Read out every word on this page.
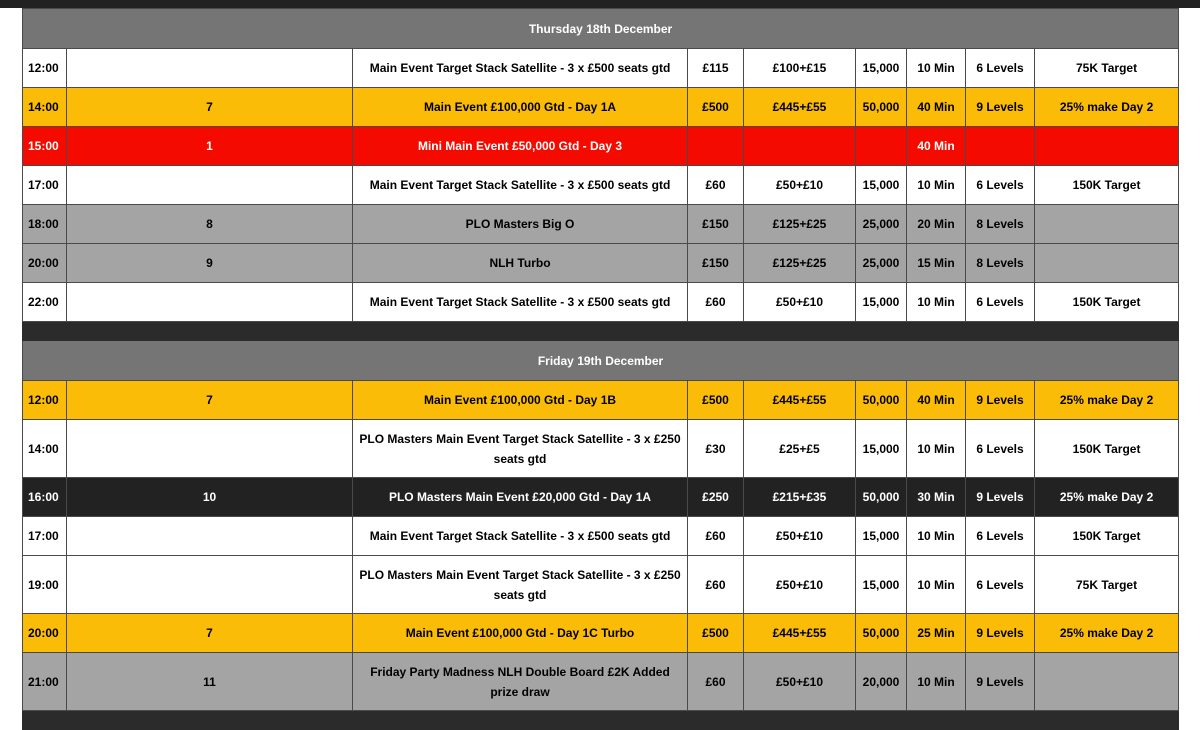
Thursday 18th December								
12:00		Main Event Target Stack Satellite - 3 x £500 seats gtd	£115	£100+£15	15,000	10 Min	6 Levels	75K Target
14:00	7	Main Event £100,000 Gtd - Day 1A	£500	£445+£55	50,000	40 Min	9 Levels	25% make Day 2
15:00	1	Mini Main Event £50,000 Gtd - Day 3				40 Min		
17:00		Main Event Target Stack Satellite - 3 x £500 seats gtd	£60	£50+£10	15,000	10 Min	6 Levels	150K Target
18:00	8	PLO Masters Big O	£150	£125+£25	25,000	20 Min	8 Levels	
20:00	9	NLH Turbo	£150	£125+£25	25,000	15 Min	8 Levels	
22:00		Main Event Target Stack Satellite - 3 x £500 seats gtd	£60	£50+£10	15,000	10 Min	6 Levels	150K Target

Friday 19th December								
12:00	7	Main Event £100,000 Gtd - Day 1B	£500	£445+£55	50,000	40 Min	9 Levels	25% make Day 2
14:00		PLO Masters Main Event Target Stack Satellite - 3 x £250 seats gtd	£30	£25+£5	15,000	10 Min	6 Levels	150K Target
16:00	10	PLO Masters Main Event £20,000 Gtd - Day 1A	£250	£215+£35	50,000	30 Min	9 Levels	25% make Day 2
17:00		Main Event Target Stack Satellite - 3 x £500 seats gtd	£60	£50+£10	15,000	10 Min	6 Levels	150K Target
19:00		PLO Masters Main Event Target Stack Satellite - 3 x £250 seats gtd	£60	£50+£10	15,000	10 Min	6 Levels	75K Target
20:00	7	Main Event £100,000 Gtd - Day 1C Turbo	£500	£445+£55	50,000	25 Min	9 Levels	25% make Day 2
21:00	11	Friday Party Madness NLH Double Board £2K Added prize draw	£60	£50+£10	20,000	10 Min	9 Levels	
